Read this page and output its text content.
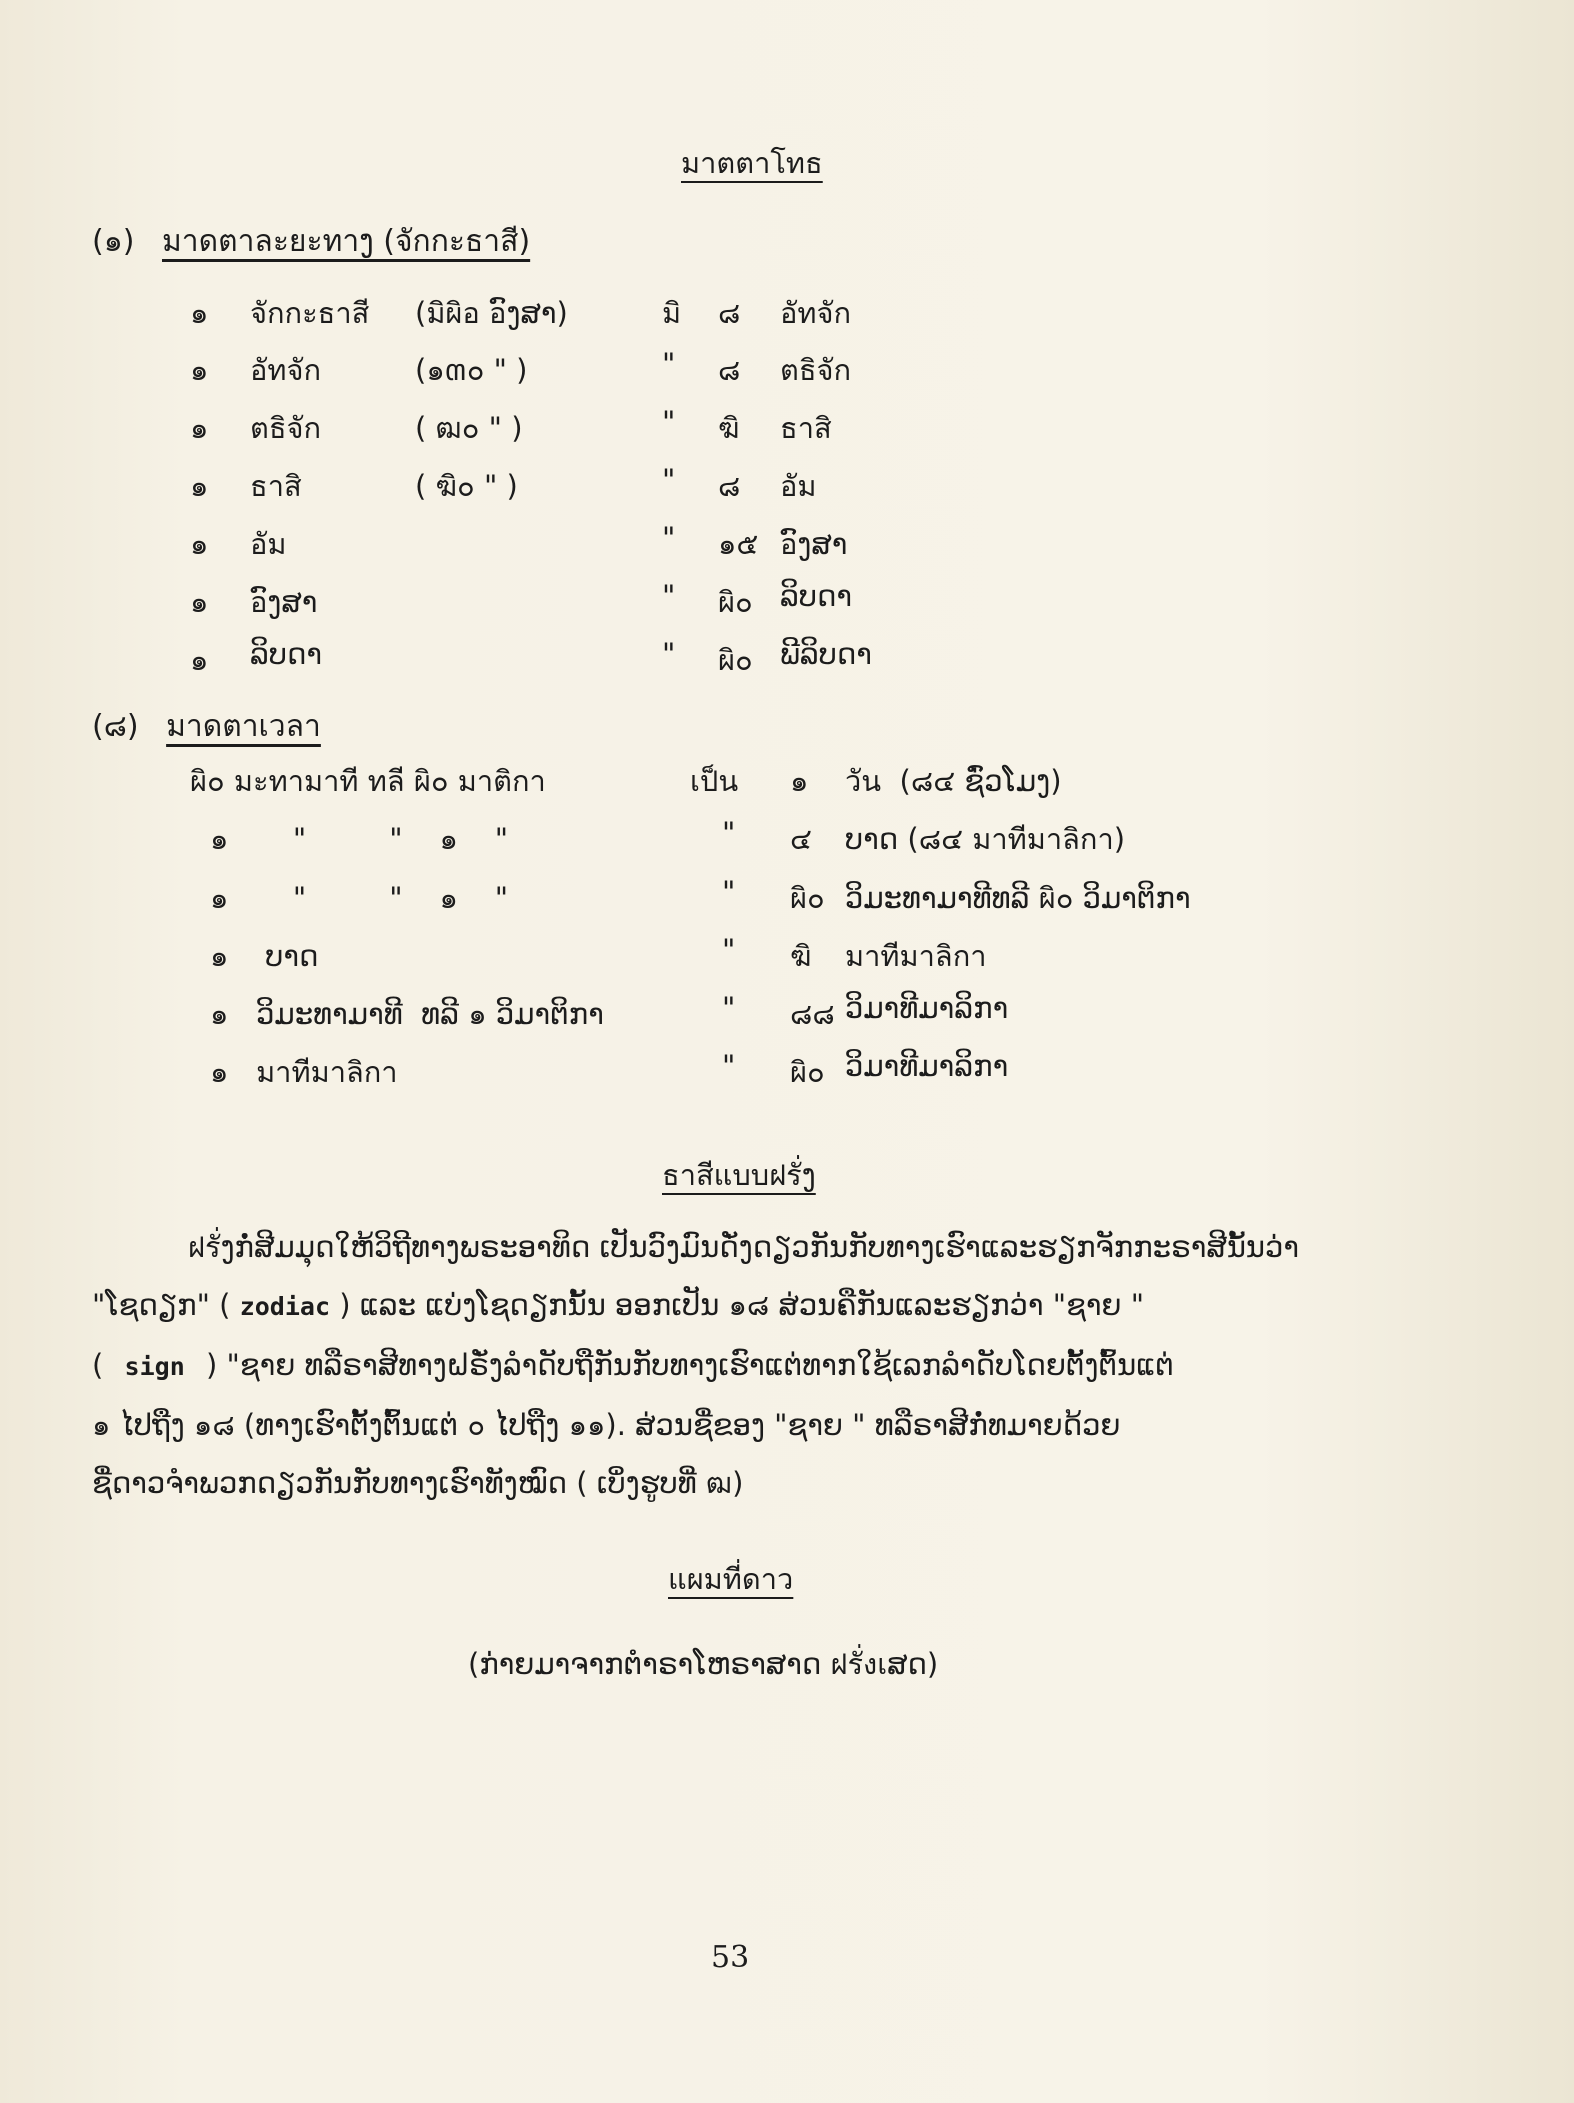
มาตตาโทธ
(๑) มาดตาละยะทาງ (จักกะธาสี)
๑ จักกะธาสี (มิผิอ อົງສາ)	มิ ๘ อัทจัก
๑ อัทจัก	(๑ຓ๐ " )	" ๘ ตธิจัก
๑ ตธิจัก	( ฒ๐ " )	" ฆิ ธาสิ
๑ ธาสิ	( ฆิ๐ " )	" ๘ อัม
๑ อัม	" ๑๕ อົງສາ
๑ อົງສາ	" ผิ๐ ລິບດາ
๑ ລິບດາ	" ผิ๐ ພີລິບດາ
(๘) มาดตาเวลา
ผิ๐ มะทามาที ทลี ผิ๐ มาติกา	เป็น ๑ วัน  (๘๔ ຊົ່ວໂມງ)
๑       "         "    ๑    "	" ๔ ບາດ (๘๔ มาทีมาลิกา)
๑       "         "    ๑    "	" ผิ๐ ວິມະທາມາທີທລີ ผิ๐ ວິມາຕິກາ
๑    ບາດ	" ฆิ มาทีมาลิกา
๑   ວິມະທາມາທີ  ທລີ ๑ ວິມາຕິກາ	" ๘๘ ວິມາທີມາລິກາ
๑   มาทีมาลิกา	" ผิ๐ ວິມາທີມາລິກາ
ธาสีแบบฝรั่ງ
ฝรั่ງກໍ່ສີມມຸດໃຫ້ວິຖີທາງພຣະອາທິດ ເປັນວົງມົນດັ່ງດຽວກັນກັບທາງເຮົາແລະຮຽກຈັກກະຣາສີນັ້ນວ່າ
"ໂຊດຽກ" ( zodiac ) ແລະ ແບ່ງໂຊດຽກນັ້ນ ອອກເປັນ ๑๘ ສ່ວນຄືກັນແລະຮຽກວ່າ "ຊາຍ "
( sign ) "ຊາຍ ທລືຣາສີທາງຝຣັ່ງລຳດັບຖືກັນກັບທາງເຮົາແຕ່ທາກໃຊ້ເລກລຳດັບໂດຍຕັ້ງຕົ້ນແຕ່
๑ ໄປຖືງ ๑๘ (ທາງເຮົາຕັ້ງຕົ້ນແຕ່ ๐ ໄປຖືງ ๑๑). ສ່ວນຊື່ຂອງ "ຊາຍ " ທລືຣາສີກໍ່ທມາຍດ້ວຍ
ຊື່ດາວຈຳພວກດຽວກັນກັບທາງເຮົາທັງໝົດ ( ເບິ່ງຮູບທີ່ ฒ)
แผมที่ดาว
(ກ່າຍມາຈາກຕຳຣາໂຫຣາສາດ ฝรั่งเສດ)
53
